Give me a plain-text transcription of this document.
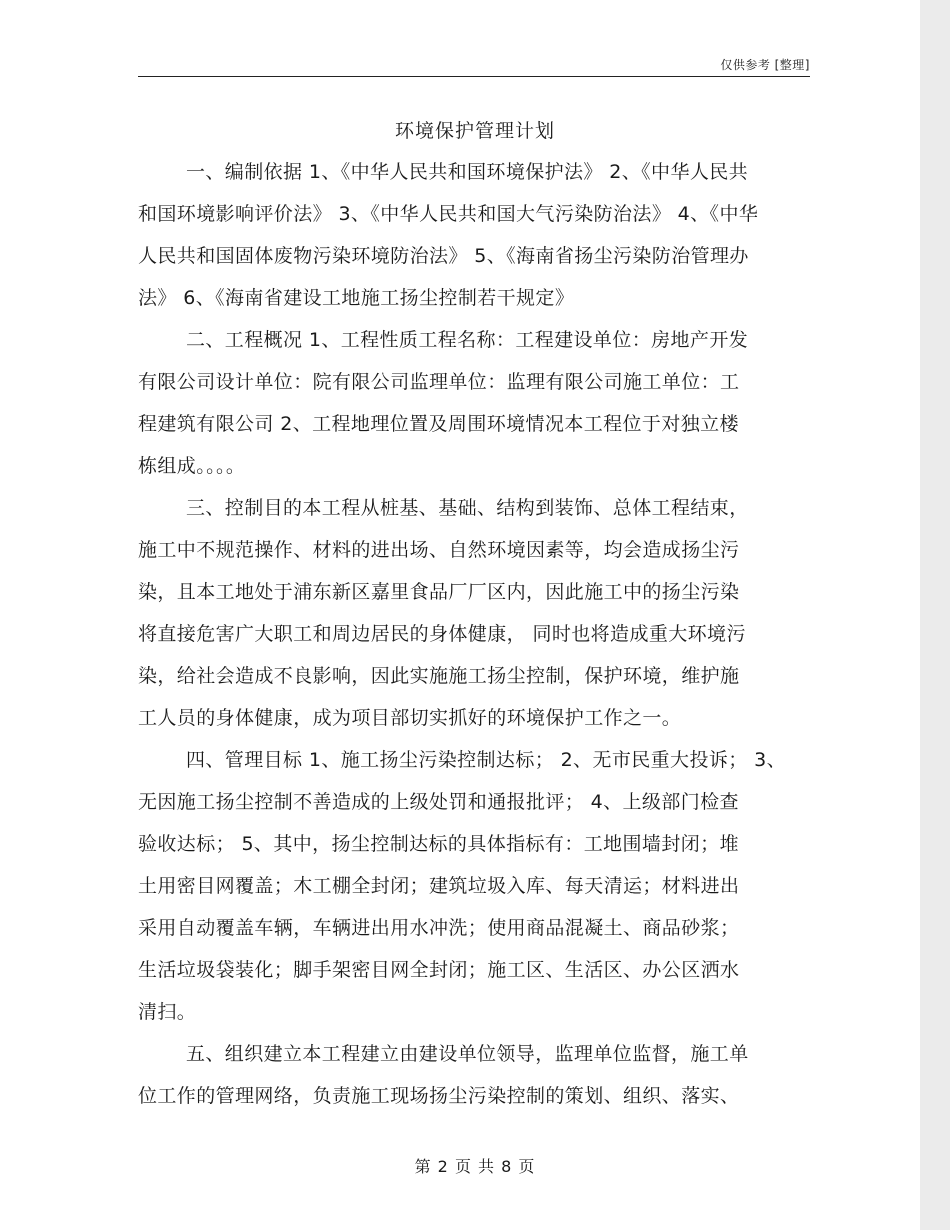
仅供参考 [整理]
环境保护管理计划
一、编制依据 1、《中华人民共和国环境保护法》 2、《中华人民共
和国环境影响评价法》 3、《中华人民共和国大气污染防治法》 4、《中华
人民共和国固体废物污染环境防治法》 5、《海南省扬尘污染防治管理办
法》 6、《海南省建设工地施工扬尘控制若干规定》
二、工程概况 1、工程性质工程名称：工程建设单位：房地产开发
有限公司设计单位：院有限公司监理单位：监理有限公司施工单位：工
程建筑有限公司 2、工程地理位置及周围环境情况本工程位于对独立楼
栋组成。。。。
三、控制目的本工程从桩基、基础、结构到装饰、总体工程结束，
施工中不规范操作、材料的进出场、自然环境因素等，均会造成扬尘污
染，且本工地处于浦东新区嘉里食品厂厂区内，因此施工中的扬尘污染
将直接危害广大职工和周边居民的身体健康， 同时也将造成重大环境污
染，给社会造成不良影响，因此实施施工扬尘控制，保护环境，维护施
工人员的身体健康，成为项目部切实抓好的环境保护工作之一。
四、管理目标 1、施工扬尘污染控制达标； 2、无市民重大投诉； 3、
无因施工扬尘控制不善造成的上级处罚和通报批评； 4、上级部门检查
验收达标； 5、其中，扬尘控制达标的具体指标有：工地围墙封闭；堆
土用密目网覆盖；木工棚全封闭；建筑垃圾入库、每天清运；材料进出
采用自动覆盖车辆，车辆进出用水冲洗；使用商品混凝土、商品砂浆；
生活垃圾袋装化；脚手架密目网全封闭；施工区、生活区、办公区洒水
清扫。
五、组织建立本工程建立由建设单位领导，监理单位监督，施工单
位工作的管理网络，负责施工现场扬尘污染控制的策划、组织、落实、
第 2 页 共 8 页
